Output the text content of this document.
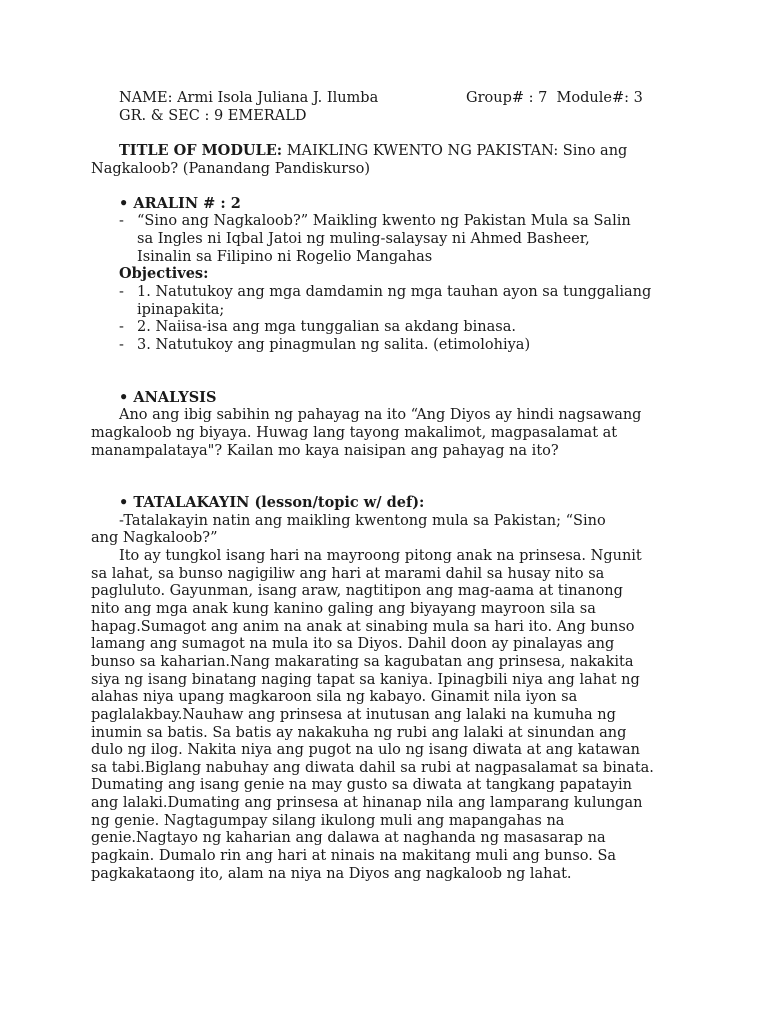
NAME: Armi Isola Juliana J. Ilumba	Group# : 7  Module#: 3
GR. & SEC : 9 EMERALD
TITLE OF MODULE: MAIKLING KWENTO NG PAKISTAN: Sino ang
Nagkaloob? (Panandang Pandiskurso)
• ARALIN # : 2
- “Sino ang Nagkaloob?” Maikling kwento ng Pakistan Mula sa Salin
sa Ingles ni Iqbal Jatoi ng muling-salaysay ni Ahmed Basheer,
Isinalin sa Filipino ni Rogelio Mangahas
Objectives:
- 1. Natutukoy ang mga damdamin ng mga tauhan ayon sa tunggaliang
ipinapakita;
- 2. Naiisa-isa ang mga tunggalian sa akdang binasa.
- 3. Natutukoy ang pinagmulan ng salita. (etimolohiya)
• ANALYSIS
Ano ang ibig sabihin ng pahayag na ito “Ang Diyos ay hindi nagsawang
magkaloob ng biyaya. Huwag lang tayong makalimot, magpasalamat at
manampalataya"? Kailan mo kaya naisipan ang pahayag na ito?
• TATALAKAYIN (lesson/topic w/ def):
-Tatalakayin natin ang maikling kwentong mula sa Pakistan; “Sino
ang Nagkaloob?”
Ito ay tungkol isang hari na mayroong pitong anak na prinsesa. Ngunit
sa lahat, sa bunso nagigiliw ang hari at marami dahil sa husay nito sa
pagluluto. Gayunman, isang araw, nagtitipon ang mag-aama at tinanong
nito ang mga anak kung kanino galing ang biyayang mayroon sila sa
hapag.Sumagot ang anim na anak at sinabing mula sa hari ito. Ang bunso
lamang ang sumagot na mula ito sa Diyos. Dahil doon ay pinalayas ang
bunso sa kaharian.Nang makarating sa kagubatan ang prinsesa, nakakita
siya ng isang binatang naging tapat sa kaniya. Ipinagbili niya ang lahat ng
alahas niya upang magkaroon sila ng kabayo. Ginamit nila iyon sa
paglalakbay.Nauhaw ang prinsesa at inutusan ang lalaki na kumuha ng
inumin sa batis. Sa batis ay nakakuha ng rubi ang lalaki at sinundan ang
dulo ng ilog. Nakita niya ang pugot na ulo ng isang diwata at ang katawan
sa tabi.Biglang nabuhay ang diwata dahil sa rubi at nagpasalamat sa binata.
Dumating ang isang genie na may gusto sa diwata at tangkang papatayin
ang lalaki.Dumating ang prinsesa at hinanap nila ang lamparang kulungan
ng genie. Nagtagumpay silang ikulong muli ang mapangahas na
genie.Nagtayo ng kaharian ang dalawa at naghanda ng masasarap na
pagkain. Dumalo rin ang hari at ninais na makitang muli ang bunso. Sa
pagkakataong ito, alam na niya na Diyos ang nagkaloob ng lahat.
